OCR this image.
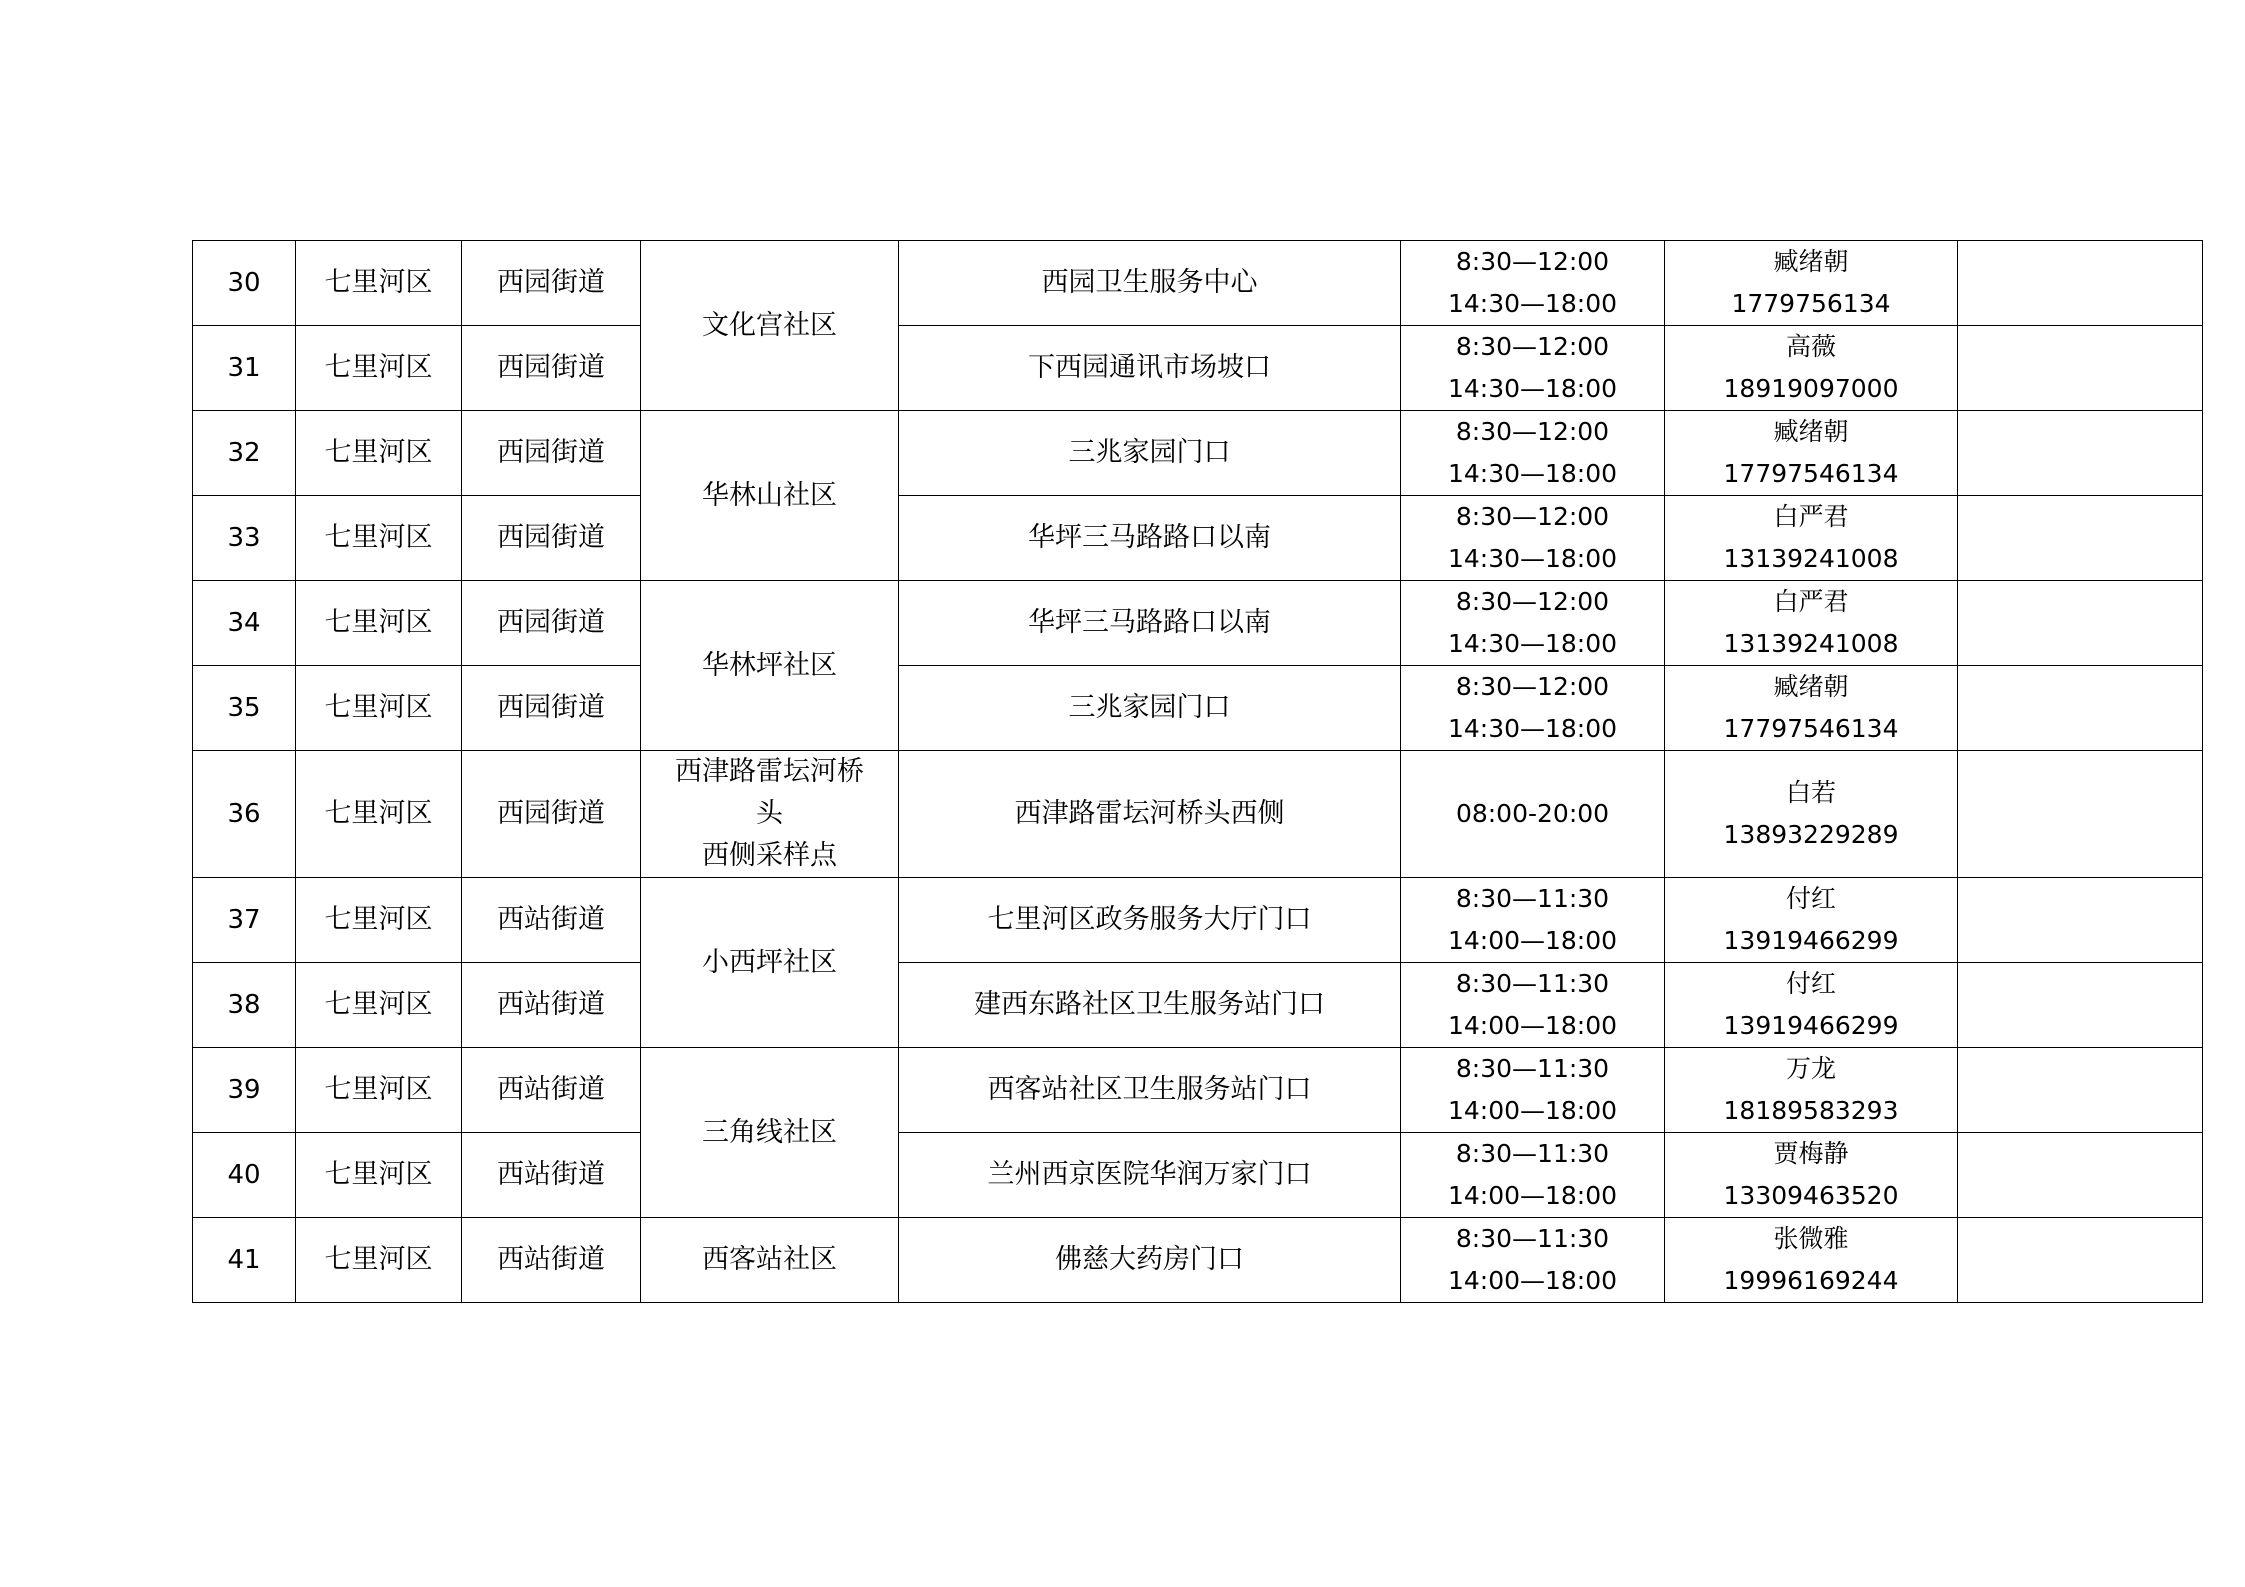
30	七里河区	西园街道	文化宫社区	西园卫生服务中心	8:30—12:00
14:30—18:00	臧绪朝
1779756134	

31	七里河区	西园街道		下西园通讯市场坡口	8:30—12:00
14:30—18:00	高薇
18919097000	

32	七里河区	西园街道	华林山社区	三兆家园门口	8:30—12:00
14:30—18:00	臧绪朝
17797546134	

33	七里河区	西园街道		华坪三马路路口以南	8:30—12:00
14:30—18:00	白严君
13139241008	

34	七里河区	西园街道	华林坪社区	华坪三马路路口以南	8:30—12:00
14:30—18:00	白严君
13139241008	

35	七里河区	西园街道		三兆家园门口	8:30—12:00
14:30—18:00	臧绪朝
17797546134	

36	七里河区	西园街道	西津路雷坛河桥
头
西侧采样点	西津路雷坛河桥头西侧	08:00-20:00	白若
13893229289	

37	七里河区	西站街道	小西坪社区	七里河区政务服务大厅门口	8:30—11:30
14:00—18:00	付红
13919466299	

38	七里河区	西站街道		建西东路社区卫生服务站门口	8:30—11:30
14:00—18:00	付红
13919466299	

39	七里河区	西站街道	三角线社区	西客站社区卫生服务站门口	8:30—11:30
14:00—18:00	万龙
18189583293	

40	七里河区	西站街道		兰州西京医院华润万家门口	8:30—11:30
14:00—18:00	贾梅静
13309463520	

41	七里河区	西站街道	西客站社区	佛慈大药房门口	8:30—11:30
14:00—18:00	张微雅
19996169244	
